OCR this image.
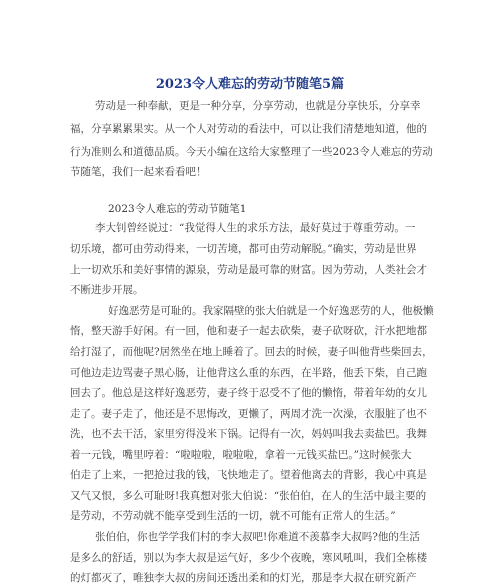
2023令人难忘的劳动节随笔5篇
劳动是一种奉献，更是一种分享，分享劳动，也就是分享快乐，分享幸
福，分享累累果实。从一个人对劳动的看法中，可以让我们清楚地知道，他的
行为准则么和道德品质。今天小编在这给大家整理了一些2023令人难忘的劳动
节随笔，我们一起来看看吧！
2023令人难忘的劳动节随笔1
李大钊曾经说过：“我觉得人生的求乐方法，最好莫过于尊重劳动。一
切乐境，都可由劳动得来，一切苦境，都可由劳动解脱。”确实，劳动是世界
上一切欢乐和美好事情的源泉，劳动是最可靠的财富。因为劳动，人类社会才
不断进步开展。
好逸恶劳是可耻的。我家隔壁的张大伯就是一个好逸恶劳的人，他极懒
惰，整天游手好闲。有一回，他和妻子一起去砍柴，妻子砍呀砍，汗水把地都
给打湿了，而他呢?居然坐在地上睡着了。回去的时候，妻子叫他背些柴回去，
可他边走边骂妻子黑心肠，让他背这么重的东西，在半路，他丢下柴，自己跑
回去了。他总是这样好逸恶劳，妻子终于忍受不了他的懒惰，带着年幼的女儿
走了。妻子走了，他还是不思悔改，更懒了，两周才洗一次澡，衣服脏了也不
洗，也不去干活，家里穷得没米下锅。记得有一次，妈妈叫我去卖盐巴。我舞
着一元钱，嘴里哼着：“啦啦啦，啦啦啦，拿着一元钱买盐巴。”这时候张大
伯走了上来，一把抢过我的钱，飞快地走了。望着他离去的背影，我心中真是
又气又恨，多么可耻呀!我真想对张大伯说：“张伯伯，在人的生活中最主要的
是劳动，不劳动就不能享受到生活的一切，就不可能有正常人的生活。”
张伯伯，你也学学我们村的李大叔吧!你难道不羡慕李大叔吗?他的生活
是多么的舒适，别以为李大叔是运气好，多少个夜晚，寒风吼叫，我们全栋楼
的灯都灭了，唯独李大叔的房间还透出柔和的灯光，那是李大叔在研究新产
